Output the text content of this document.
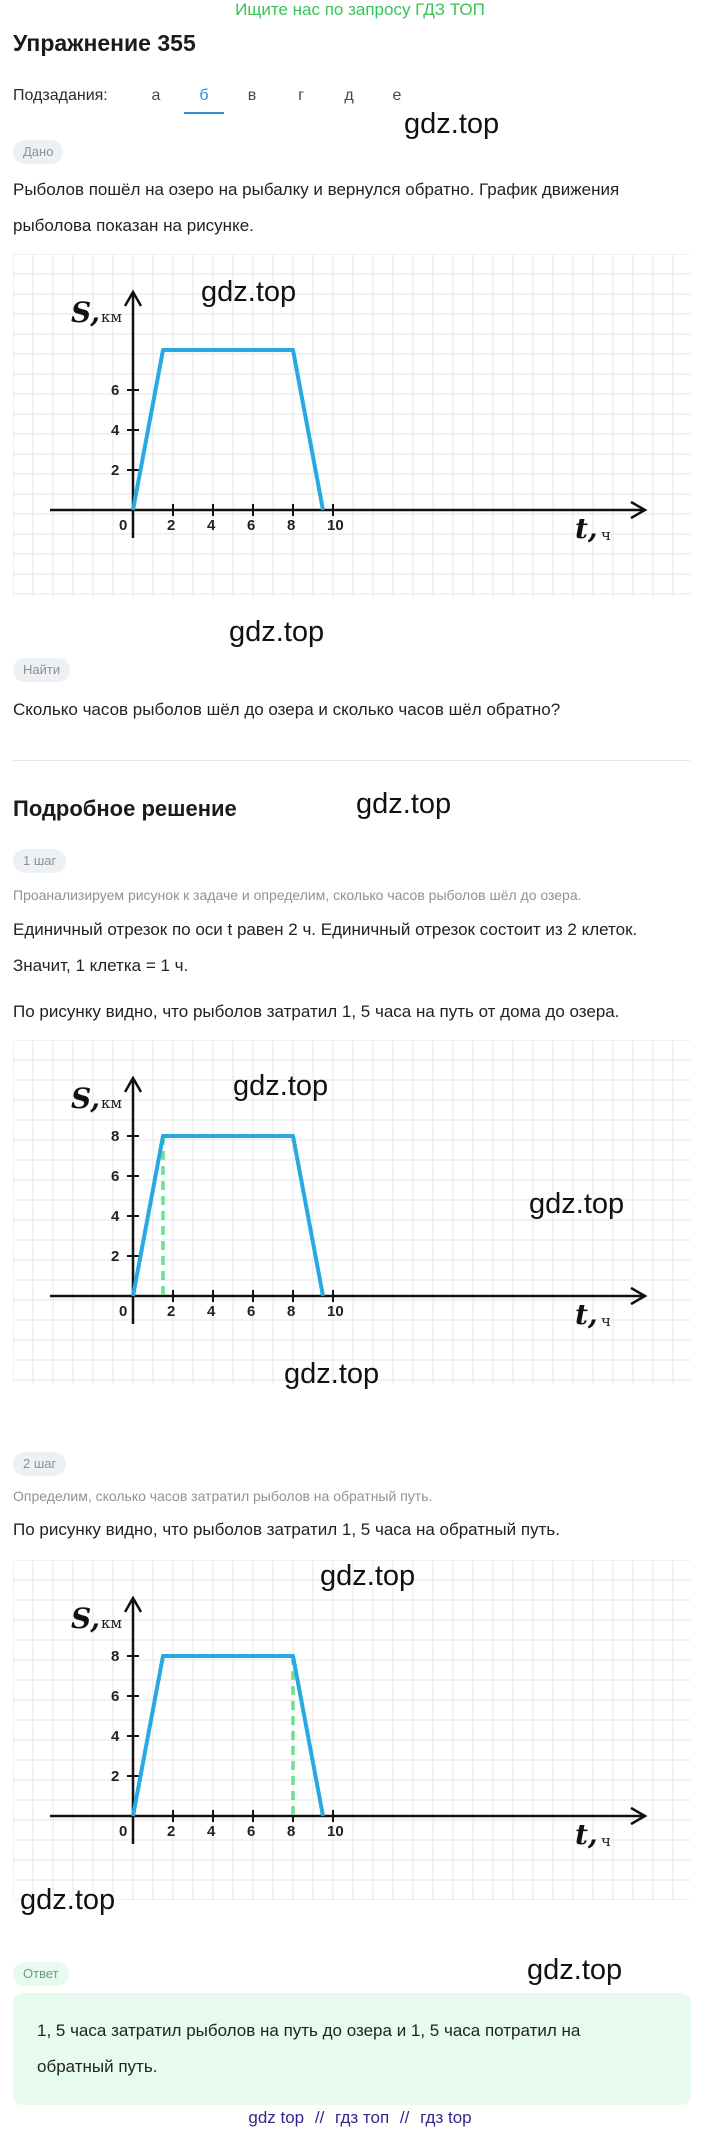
Ищите нас по запросу ГДЗ ТОП
Упражнение 355
Подзадания:	а	б	в	г	д	е
gdz.top
Дано
Рыболов пошёл на озеро на рыбалку и вернулся обратно. График движения
рыболова показан на рисунке.
0	2 4 6 8 10
2
4
6
S, км
t, ч
gdz.top
gdz.top
Найти
Сколько часов рыболов шёл до озера и сколько часов шёл обратно?
Подробное решение	gdz.top
1 шаг
Проанализируем рисунок к задаче и определим, сколько часов рыболов шёл до озера.
Единичный отрезок по оси t равен 2 ч. Единичный отрезок состоит из 2 клеток.
Значит, 1 клетка = 1 ч.
По рисунку видно, что рыболов затратил 1, 5 часа на путь от дома до озера.
0	2 4 6 8 10
2
4
6
8
S, км
t, ч
gdz.top
gdz.top
gdz.top
2 шаг
Определим, сколько часов затратил рыболов на обратный путь.
По рисунку видно, что рыболов затратил 1, 5 часа на обратный путь.
0	2 4 6 8 10
2
4
6
8
S, км
t, ч
gdz.top
gdz.top
Ответ	gdz.top
1, 5 часа затратил рыболов на путь до озера и 1, 5 часа потратил на
обратный путь.
gdz top // гдз топ // гдз top
